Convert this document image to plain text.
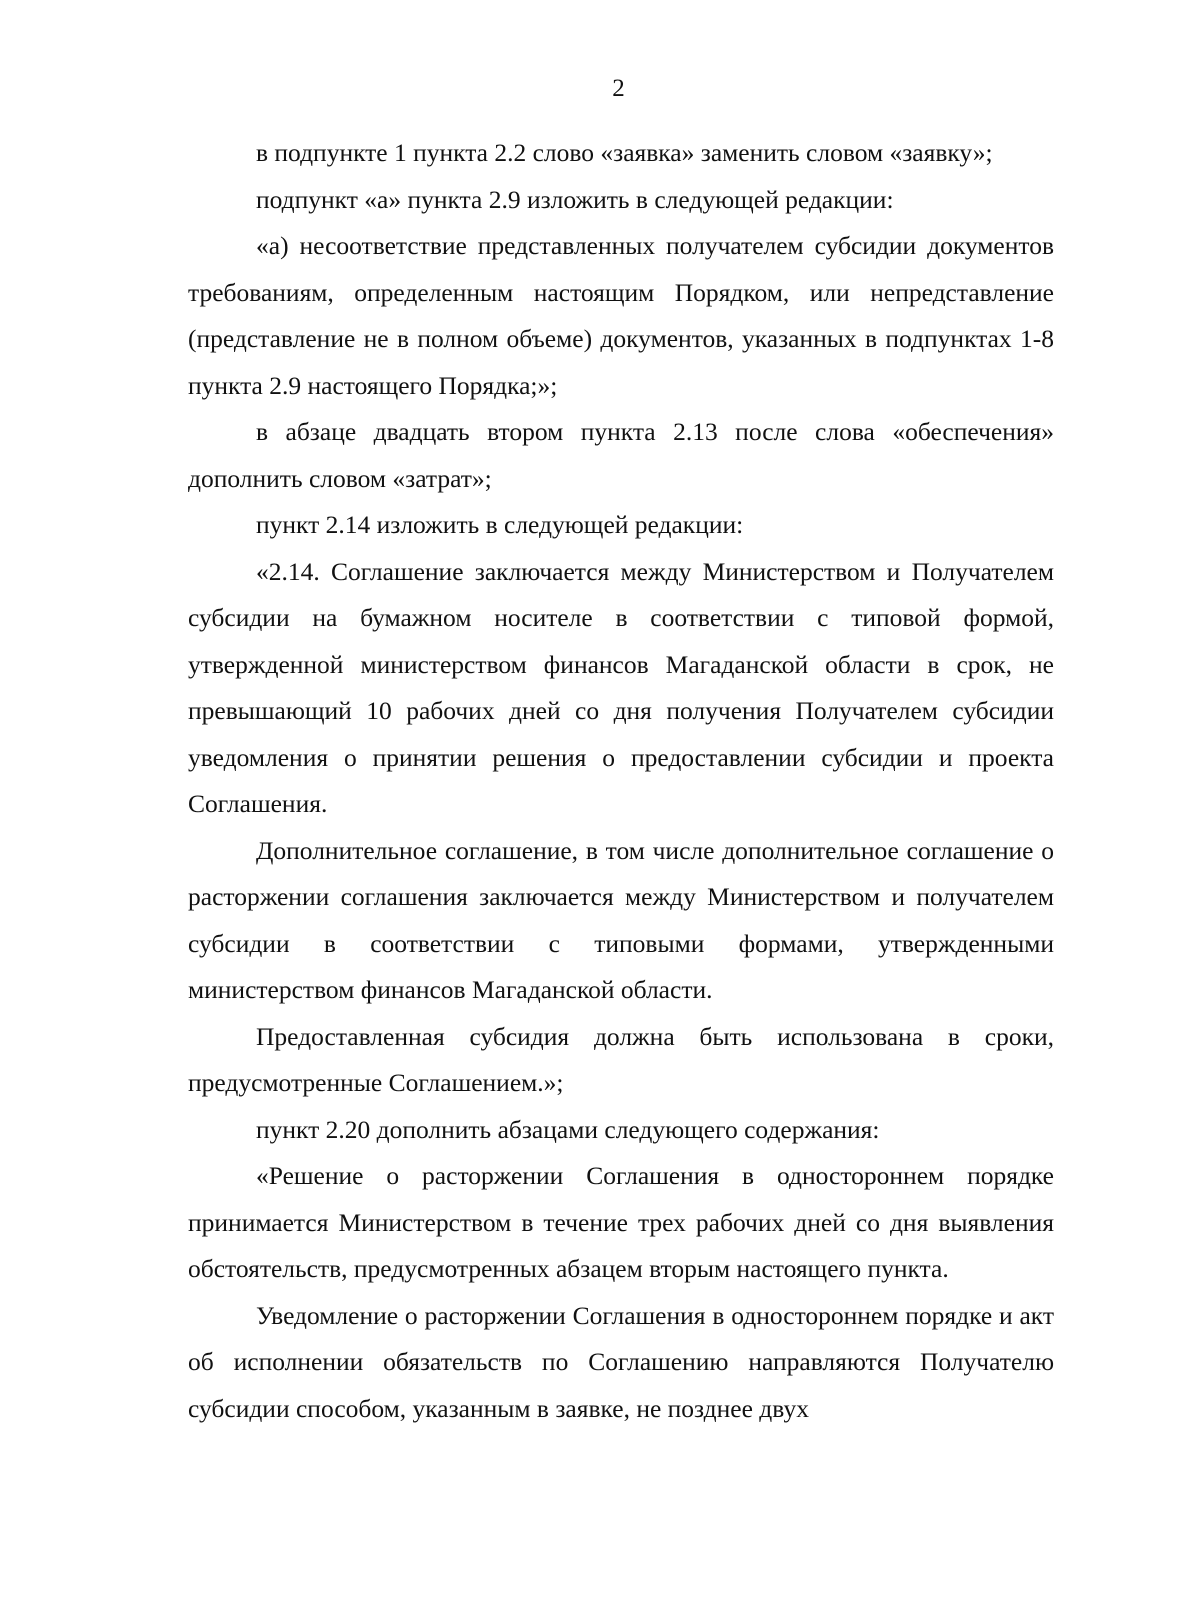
2

в подпункте 1 пункта 2.2 слово «заявка» заменить словом «заявку»;

подпункт «а» пункта 2.9 изложить в следующей редакции:

«а) несоответствие представленных получателем субсидии документов требованиям, определенным настоящим Порядком, или непредставление (представление не в полном объеме) документов, указанных в подпунктах 1-8 пункта 2.9 настоящего Порядка;»;

в абзаце двадцать втором пункта 2.13 после слова «обеспечения» дополнить словом «затрат»;

пункт 2.14 изложить в следующей редакции:

«2.14. Соглашение заключается между Министерством и Получателем субсидии на бумажном носителе в соответствии с типовой формой, утвержденной министерством финансов Магаданской области в срок, не превышающий 10 рабочих дней со дня получения Получателем субсидии уведомления о принятии решения о предоставлении субсидии и проекта Соглашения.

Дополнительное соглашение, в том числе дополнительное соглашение о расторжении соглашения заключается между Министерством и получателем субсидии в соответствии с типовыми формами, утвержденными министерством финансов Магаданской области.

Предоставленная субсидия должна быть использована в сроки, предусмотренные Соглашением.»;

пункт 2.20 дополнить абзацами следующего содержания:

«Решение о расторжении Соглашения в одностороннем порядке принимается Министерством в течение трех рабочих дней со дня выявления обстоятельств, предусмотренных абзацем вторым настоящего пункта.

Уведомление о расторжении Соглашения в одностороннем порядке и акт об исполнении обязательств по Соглашению направляются Получателю субсидии способом, указанным в заявке, не позднее двух
